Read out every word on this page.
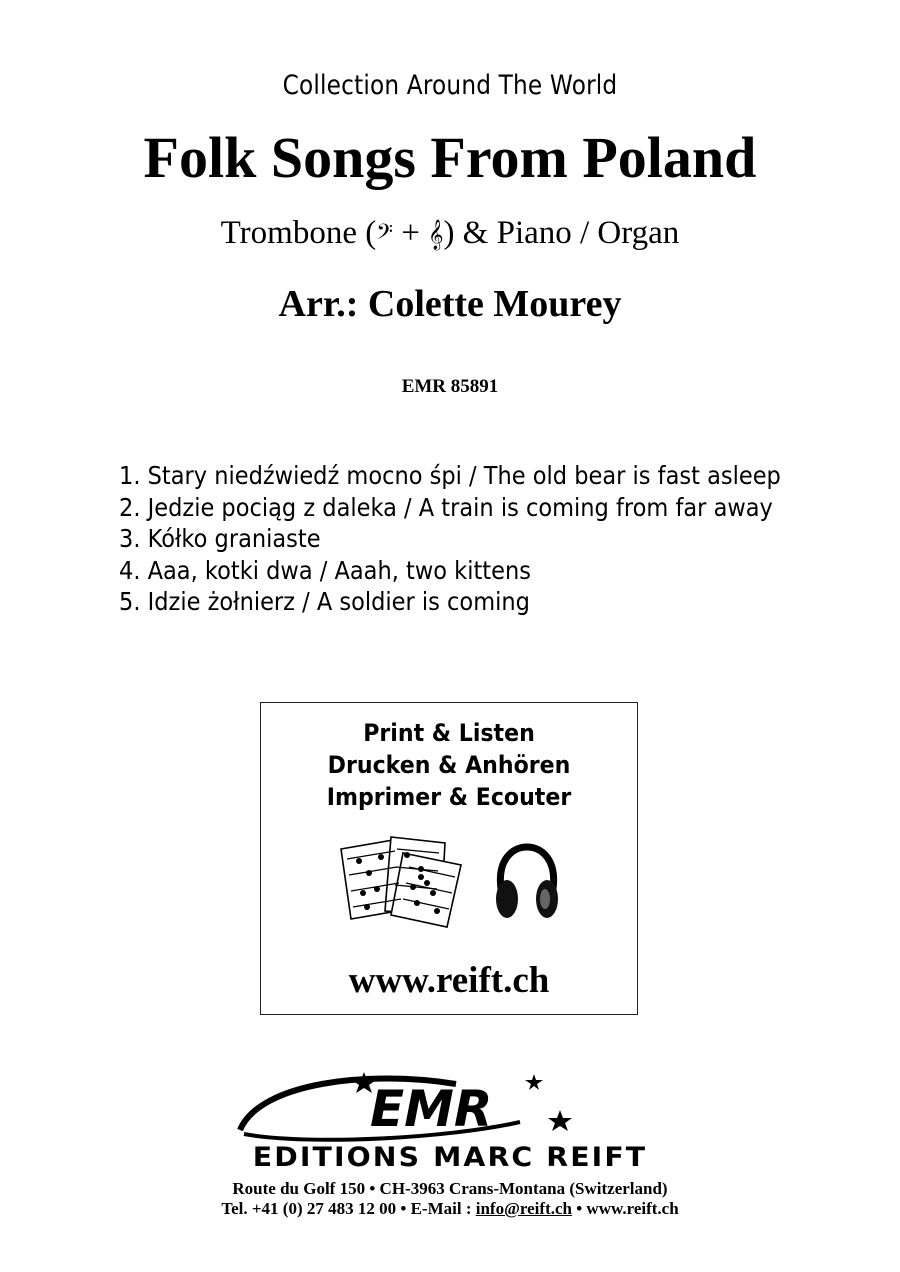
Collection Around The World
Folk Songs From Poland
Trombone (𝄢 + 𝄞) & Piano / Organ
Arr.: Colette Mourey
EMR 85891
1. Stary niedźwiedź mocno śpi / The old bear is fast asleep
2. Jedzie pociąg z daleka / A train is coming from far away
3. Kółko graniaste
4. Aaa, kotki dwa / Aaah, two kittens
5. Idzie żołnierz / A soldier is coming
Print & Listen
Drucken & Anhören
Imprimer & Ecouter
www.reift.ch
EMR
EDITIONS MARC REIFT
Route du Golf 150 • CH-3963 Crans-Montana (Switzerland)
Tel. +41 (0) 27 483 12 00 • E-Mail : info@reift.ch • www.reift.ch
